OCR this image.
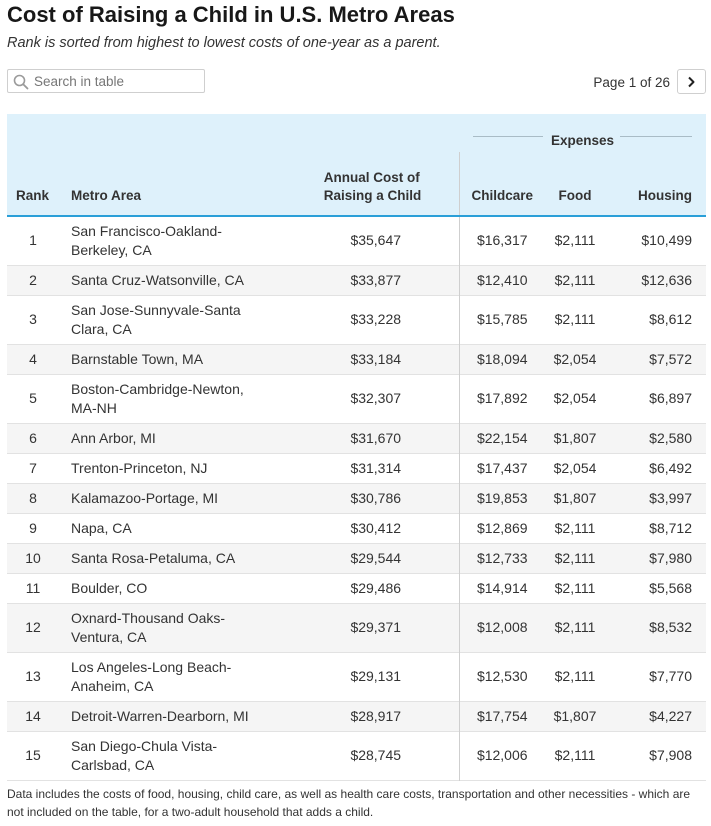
Cost of Raising a Child in U.S. Metro Areas
Rank is sorted from highest to lowest costs of one-year as a parent.
Search in table
Page 1 of 26

Expenses		

Rank	Metro Area	Annual Cost of Raising a Child	Childcare	Food	Housing
1	San Francisco-Oakland-Berkeley, CA	$35,647	$16,317	$2,111	$10,499
2	Santa Cruz-Watsonville, CA	$33,877	$12,410	$2,111	$12,636
3	San Jose-Sunnyvale-Santa Clara, CA	$33,228	$15,785	$2,111	$8,612
4	Barnstable Town, MA	$33,184	$18,094	$2,054	$7,572
5	Boston-Cambridge-Newton, MA-NH	$32,307	$17,892	$2,054	$6,897
6	Ann Arbor, MI	$31,670	$22,154	$1,807	$2,580
7	Trenton-Princeton, NJ	$31,314	$17,437	$2,054	$6,492
8	Kalamazoo-Portage, MI	$30,786	$19,853	$1,807	$3,997
9	Napa, CA	$30,412	$12,869	$2,111	$8,712
10	Santa Rosa-Petaluma, CA	$29,544	$12,733	$2,111	$7,980
11	Boulder, CO	$29,486	$14,914	$2,111	$5,568
12	Oxnard-Thousand Oaks-Ventura, CA	$29,371	$12,008	$2,111	$8,532
13	Los Angeles-Long Beach-Anaheim, CA	$29,131	$12,530	$2,111	$7,770
14	Detroit-Warren-Dearborn, MI	$28,917	$17,754	$1,807	$4,227
15	San Diego-Chula Vista-Carlsbad, CA	$28,745	$12,006	$2,111	$7,908
Data includes the costs of food, housing, child care, as well as health care costs, transportation and other necessities - which are not included on the table, for a two-adult household that adds a child.
